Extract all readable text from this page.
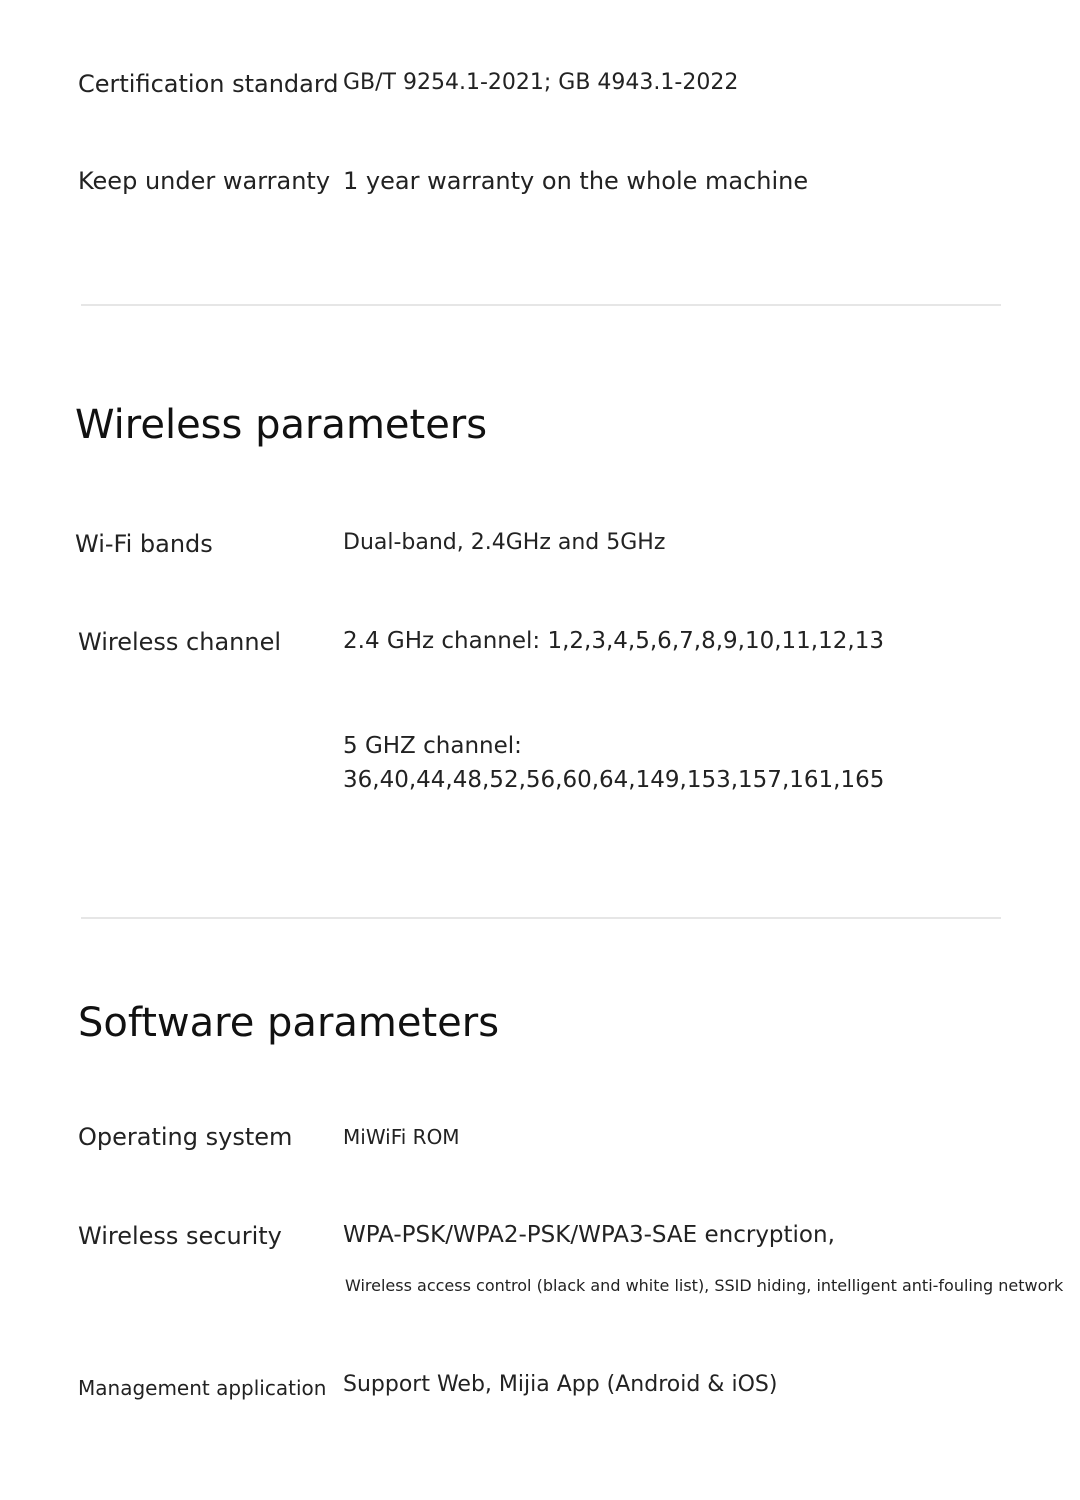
Certification standard GB/T 9254.1-2021; GB 4943.1-2022
Keep under warranty 1 year warranty on the whole machine
Wireless parameters
Wi-Fi bands	Dual-band, 2.4GHz and 5GHz
Wireless channel	2.4 GHz channel: 1,2,3,4,5,6,7,8,9,10,11,12,13
5 GHZ channel:
36,40,44,48,52,56,60,64,149,153,157,161,165
Software parameters
Operating system	MiWiFi ROM
Wireless security	WPA-PSK/WPA2-PSK/WPA3-SAE encryption,
Wireless access control (black and white list), SSID hiding, intelligent anti-fouling network
Management application Support Web, Mijia App (Android & iOS)
